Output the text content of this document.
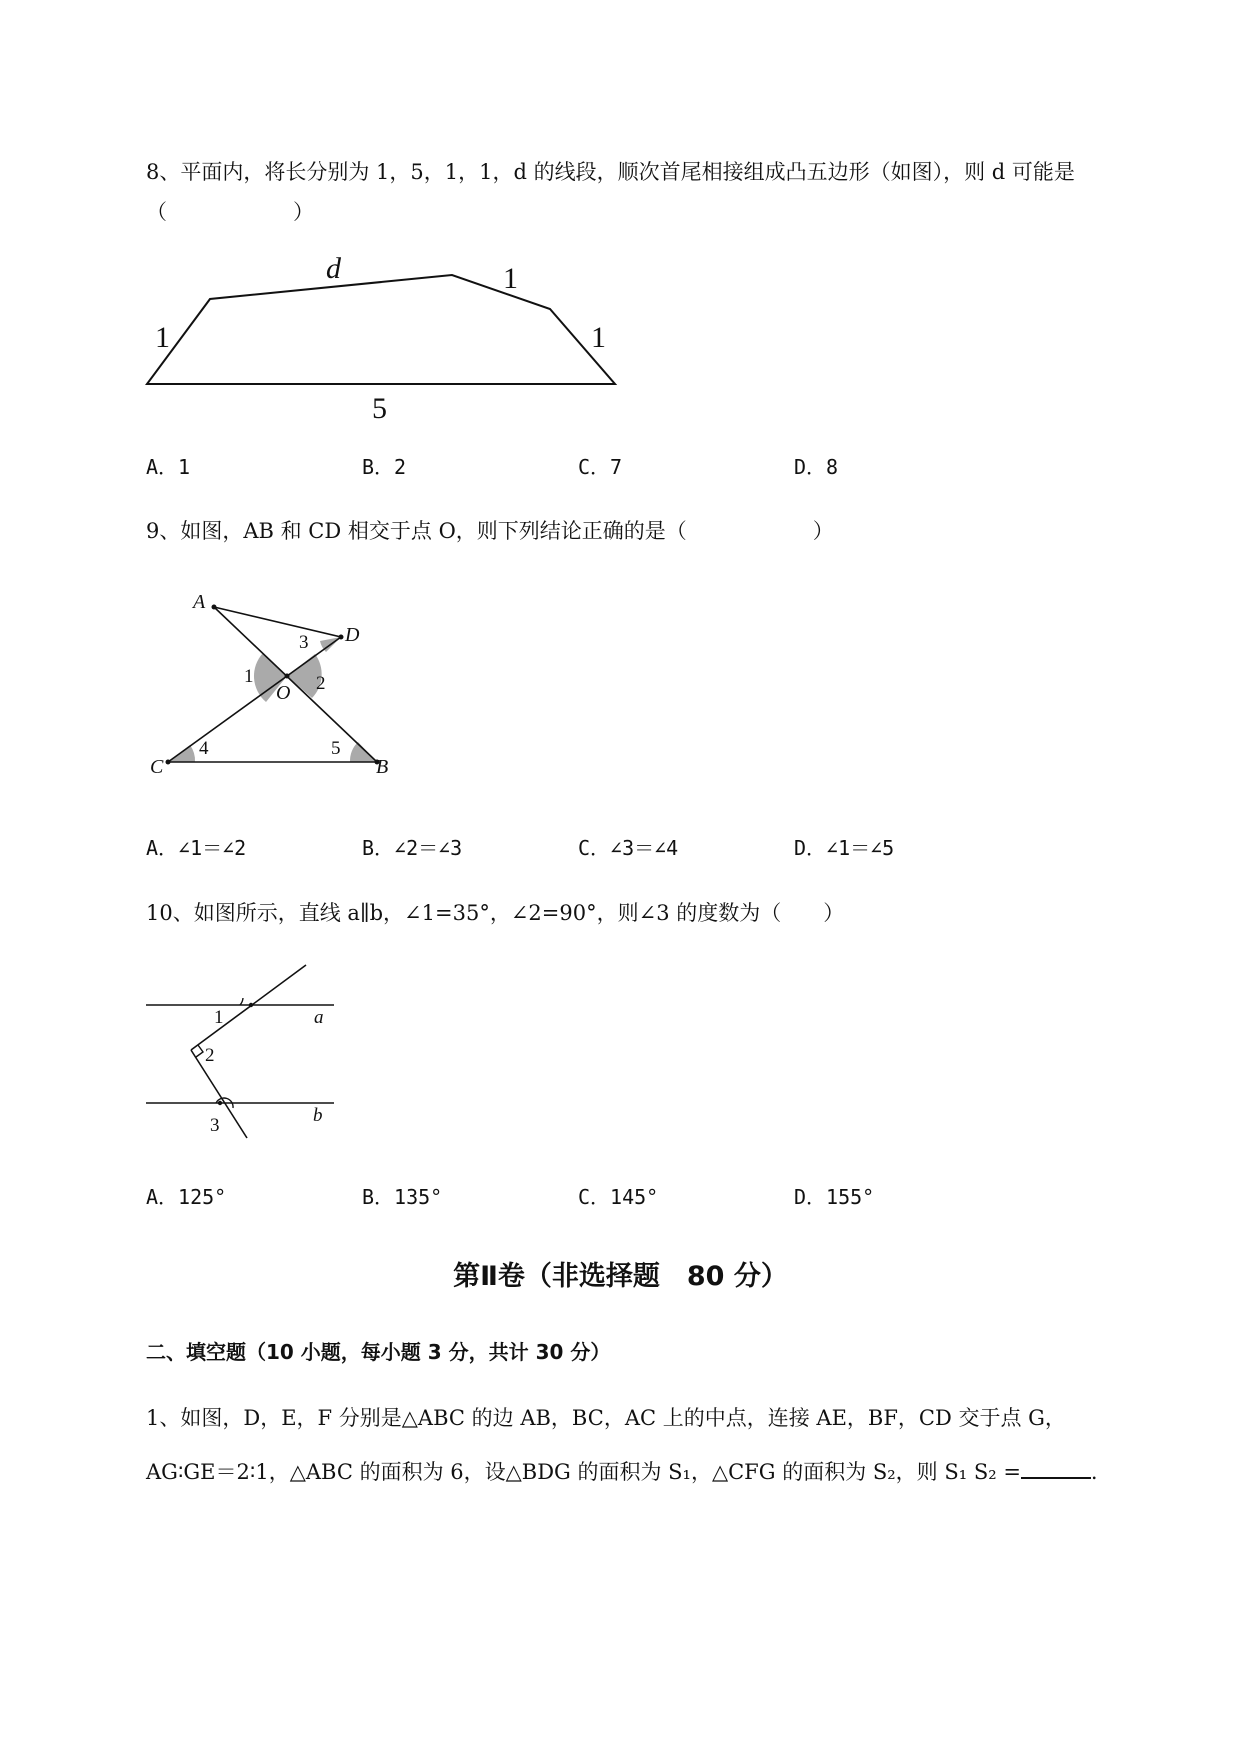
8、平面内，将长分别为 1，5，1，1，d 的线段，顺次首尾相接组成凸五边形（如图），则 d 可能是
（　　　　　　）
d	1
1	1
5
A．1	B．2	C．7	D．8
9、如图，AB 和 CD 相交于点 O，则下列结论正确的是（　　　　　　）
A
D
O
C	B
1	2
3
4	5
A．∠1＝∠2	B．∠2＝∠3	C．∠3＝∠4	D．∠1＝∠5
10、如图所示，直线 a∥b，∠1=35°，∠2=90°，则∠3 的度数为（　　）
1
2
3
a
b
A．125°	B．135°	C．145°	D．155°
第Ⅱ卷（非选择题　80 分）
二、填空题（10 小题，每小题 3 分，共计 30 分）
1、如图，D，E，F 分别是△ABC 的边 AB，BC，AC 上的中点，连接 AE，BF，CD 交于点 G，
AG∶GE＝2∶1，△ABC 的面积为 6，设△BDG 的面积为 S₁，△CFG 的面积为 S₂，则 S₁ S₂ =	.
